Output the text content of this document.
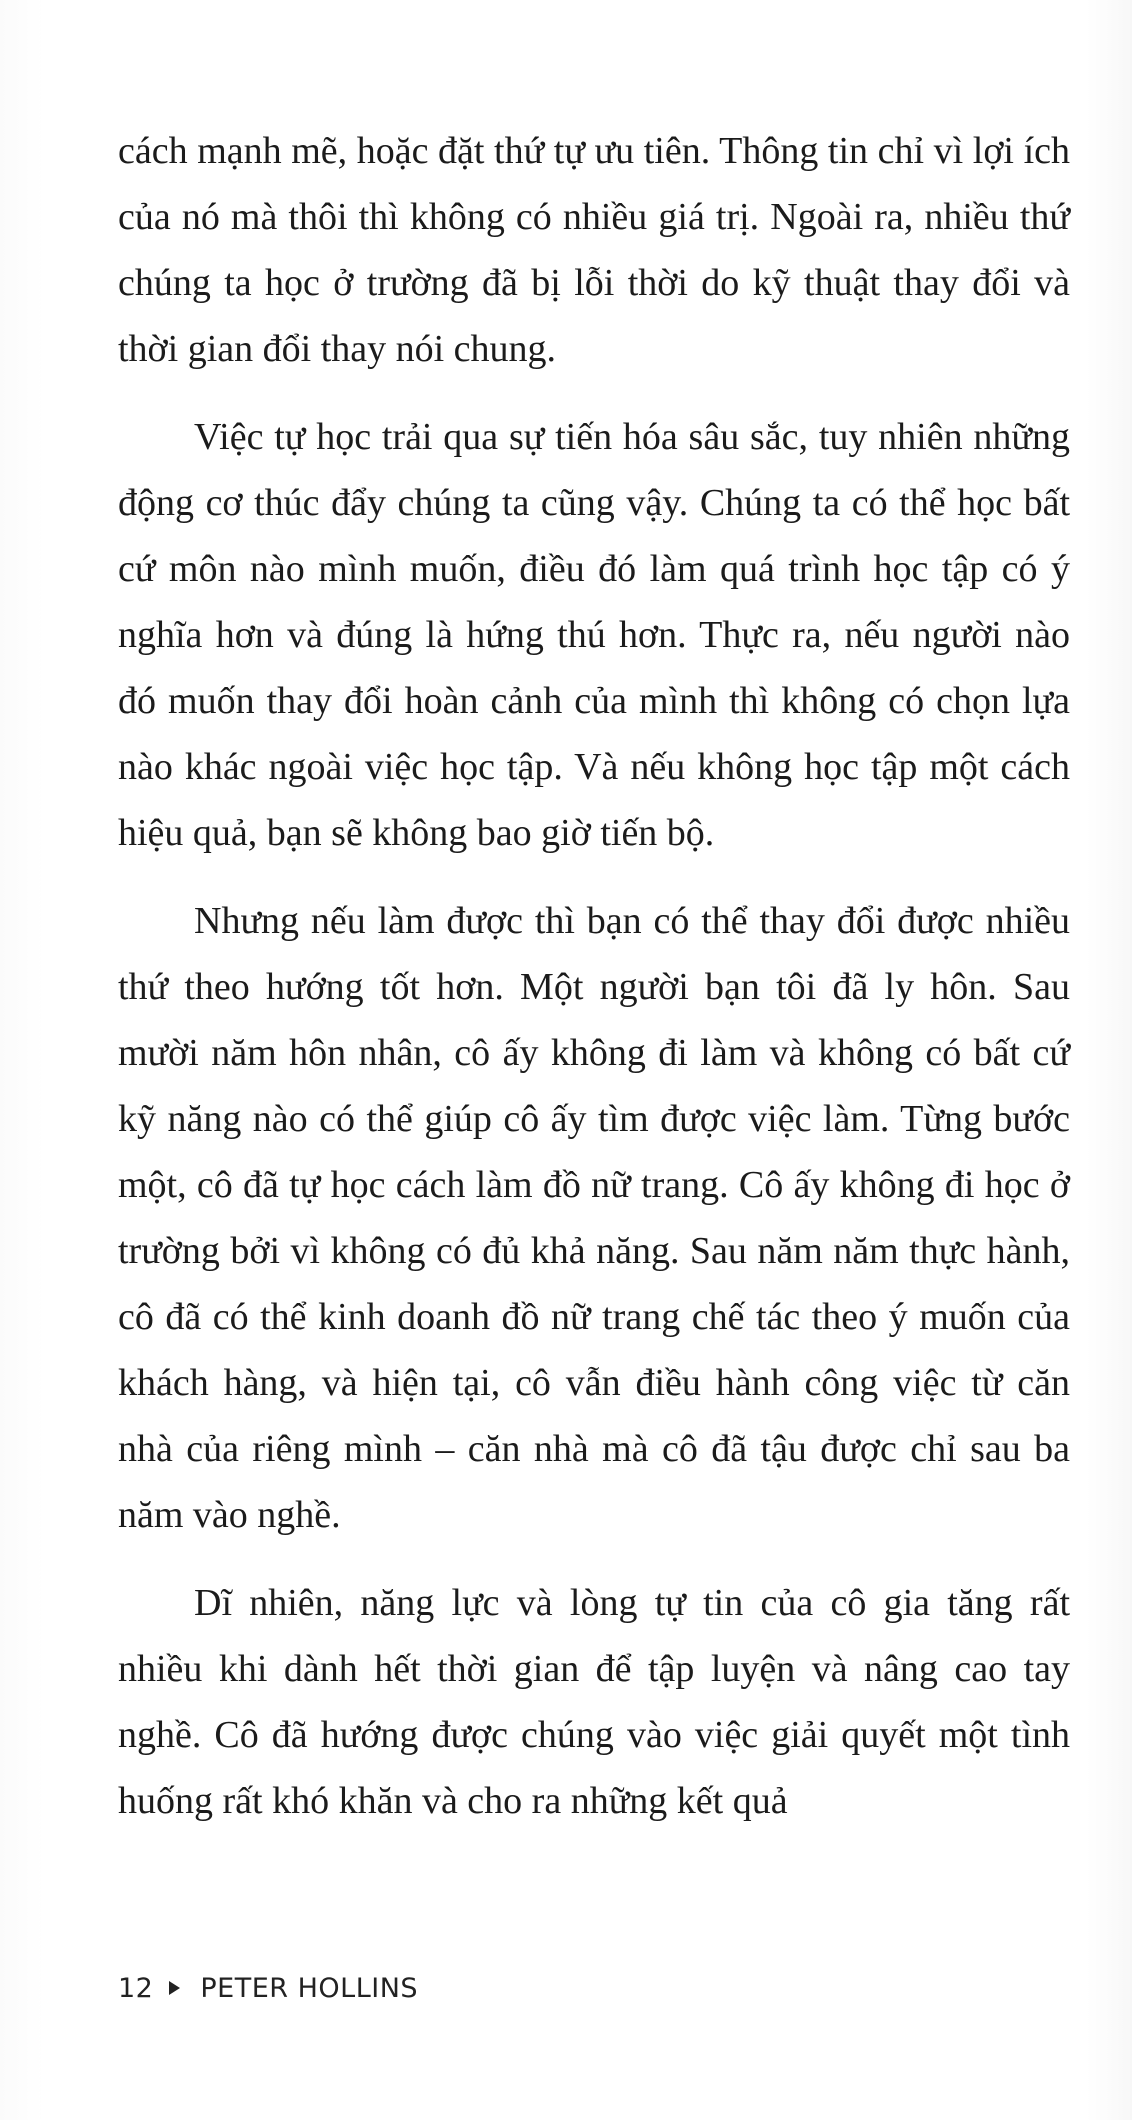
cách mạnh mẽ, hoặc đặt thứ tự ưu tiên. Thông tin chỉ vì lợi ích của nó mà thôi thì không có nhiều giá trị. Ngoài ra, nhiều thứ chúng ta học ở trường đã bị lỗi thời do kỹ thuật thay đổi và thời gian đổi thay nói chung.

Việc tự học trải qua sự tiến hóa sâu sắc, tuy nhiên những động cơ thúc đẩy chúng ta cũng vậy. Chúng ta có thể học bất cứ môn nào mình muốn, điều đó làm quá trình học tập có ý nghĩa hơn và đúng là hứng thú hơn. Thực ra, nếu người nào đó muốn thay đổi hoàn cảnh của mình thì không có chọn lựa nào khác ngoài việc học tập. Và nếu không học tập một cách hiệu quả, bạn sẽ không bao giờ tiến bộ.

Nhưng nếu làm được thì bạn có thể thay đổi được nhiều thứ theo hướng tốt hơn. Một người bạn tôi đã ly hôn. Sau mười năm hôn nhân, cô ấy không đi làm và không có bất cứ kỹ năng nào có thể giúp cô ấy tìm được việc làm. Từng bước một, cô đã tự học cách làm đồ nữ trang. Cô ấy không đi học ở trường bởi vì không có đủ khả năng. Sau năm năm thực hành, cô đã có thể kinh doanh đồ nữ trang chế tác theo ý muốn của khách hàng, và hiện tại, cô vẫn điều hành công việc từ căn nhà của riêng mình – căn nhà mà cô đã tậu được chỉ sau ba năm vào nghề.

Dĩ nhiên, năng lực và lòng tự tin của cô gia tăng rất nhiều khi dành hết thời gian để tập luyện và nâng cao tay nghề. Cô đã hướng được chúng vào việc giải quyết một tình huống rất khó khăn và cho ra những kết quả

12 PETER HOLLINS
